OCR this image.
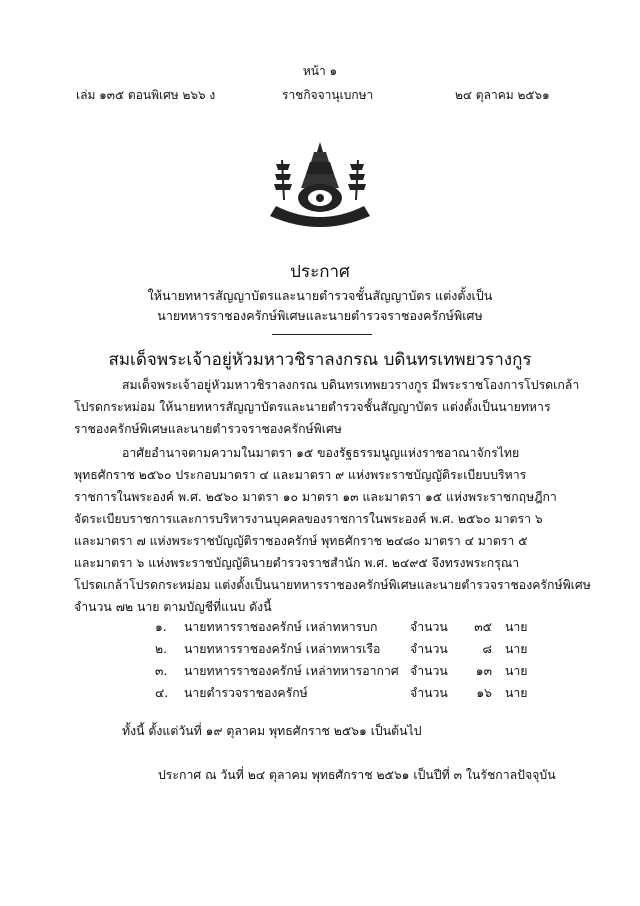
หน้า ๑
เล่ม ๑๓๕ ตอนพิเศษ ๒๖๖ ง	ราชกิจจานุเบกษา	๒๔ ตุลาคม ๒๕๖๑
ประกาศ
ให้นายทหารสัญญาบัตรและนายตำรวจชั้นสัญญาบัตร แต่งตั้งเป็น
นายทหารราชองครักษ์พิเศษและนายตำรวจราชองครักษ์พิเศษ
สมเด็จพระเจ้าอยู่หัวมหาวชิราลงกรณ บดินทรเทพยวรางกูร
สมเด็จพระเจ้าอยู่หัวมหาวชิราลงกรณ บดินทรเทพยวรางกูร มีพระราชโองการโปรดเกล้า
โปรดกระหม่อม ให้นายทหารสัญญาบัตรและนายตำรวจชั้นสัญญาบัตร แต่งตั้งเป็นนายทหาร
ราชองครักษ์พิเศษและนายตำรวจราชองครักษ์พิเศษ
อาศัยอำนาจตามความในมาตรา ๑๕ ของรัฐธรรมนูญแห่งราชอาณาจักรไทย
พุทธศักราช ๒๕๖๐ ประกอบมาตรา ๔ และมาตรา ๙ แห่งพระราชบัญญัติระเบียบบริหาร
ราชการในพระองค์ พ.ศ. ๒๕๖๐ มาตรา ๑๐ มาตรา ๑๓ และมาตรา ๑๕ แห่งพระราชกฤษฎีกา
จัดระเบียบราชการและการบริหารงานบุคคลของราชการในพระองค์ พ.ศ. ๒๕๖๐ มาตรา ๖
และมาตรา ๗ แห่งพระราชบัญญัติราชองครักษ์ พุทธศักราช ๒๔๘๐ มาตรา ๔ มาตรา ๕
และมาตรา ๖ แห่งพระราชบัญญัตินายตำรวจราชสำนัก พ.ศ. ๒๔๙๕ จึงทรงพระกรุณา
โปรดเกล้าโปรดกระหม่อม แต่งตั้งเป็นนายทหารราชองครักษ์พิเศษและนายตำรวจราชองครักษ์พิเศษ
จำนวน ๗๒ นาย ตามบัญชีที่แนบ ดังนี้
๑. นายทหารราชองครักษ์ เหล่าทหารบก	จำนวน	๓๕ นาย
๒. นายทหารราชองครักษ์ เหล่าทหารเรือ จำนวน	๘ นาย
๓. นายทหารราชองครักษ์ เหล่าทหารอากาศ จำนวน	๑๓ นาย
๔. นายตำรวจราชองครักษ์	จำนวน	๑๖ นาย
ทั้งนี้ ตั้งแต่วันที่ ๑๙ ตุลาคม พุทธศักราช ๒๕๖๑ เป็นต้นไป
ประกาศ ณ วันที่ ๒๔ ตุลาคม พุทธศักราช ๒๕๖๑ เป็นปีที่ ๓ ในรัชกาลปัจจุบัน
